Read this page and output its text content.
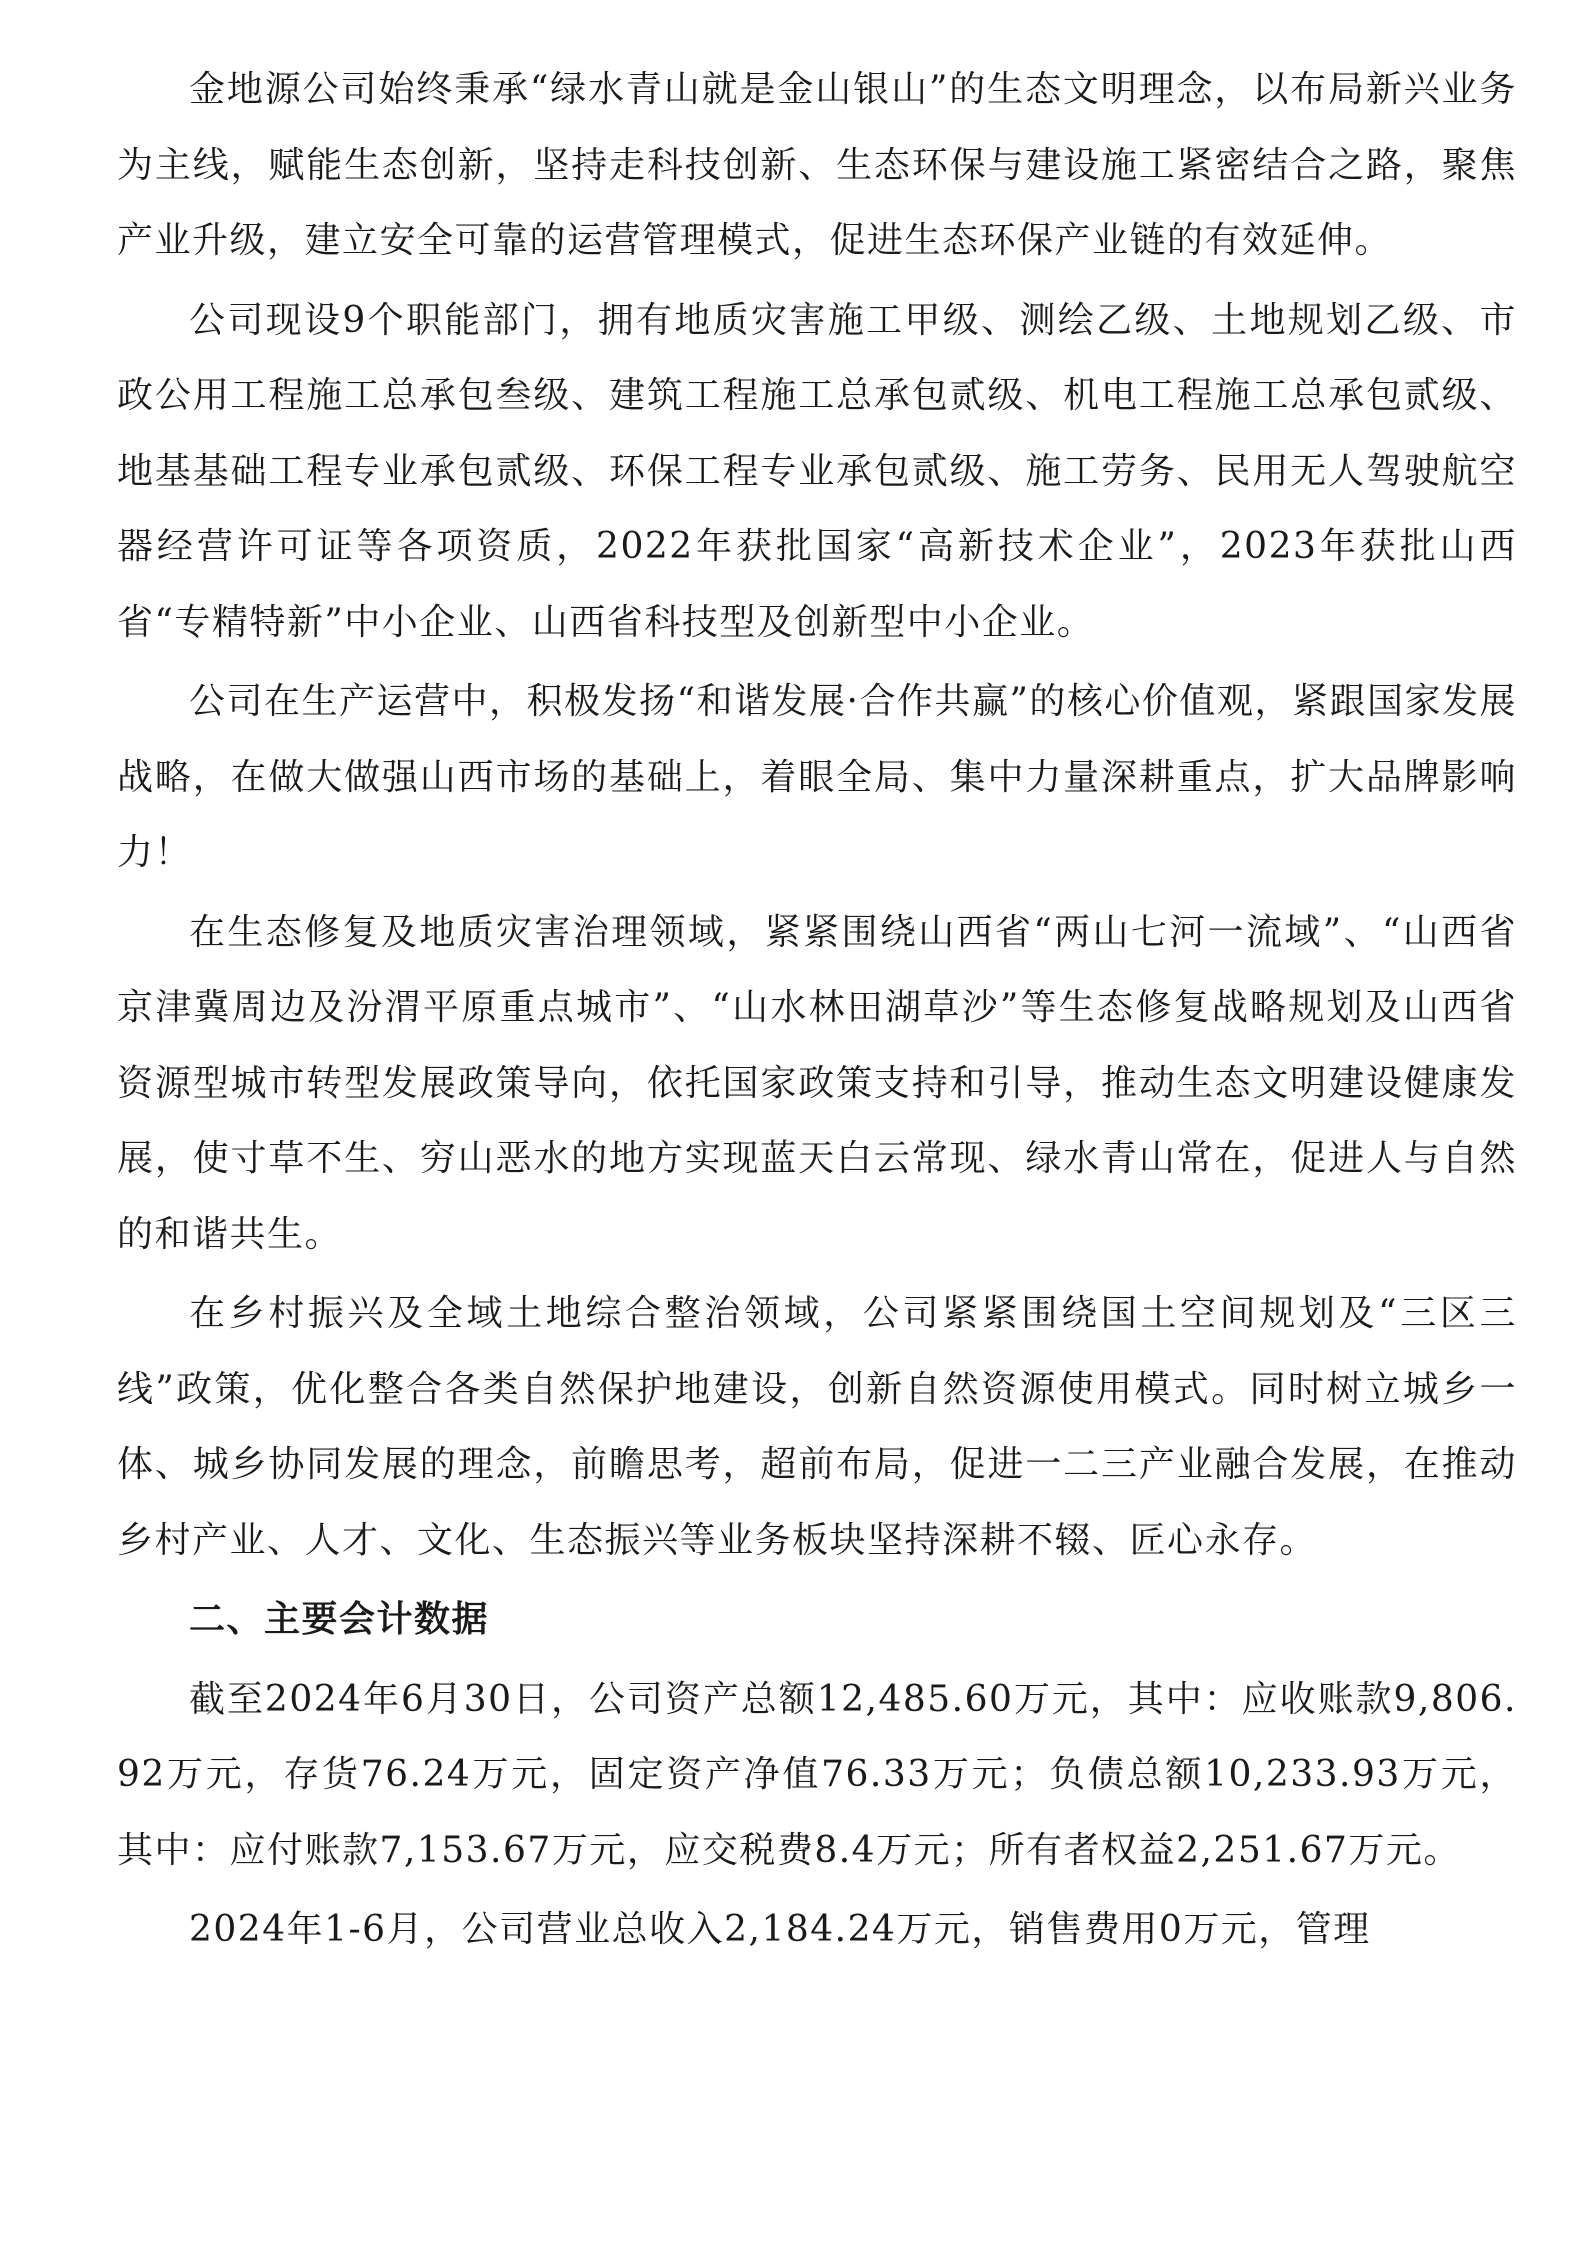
金地源公司始终秉承“绿水青山就是金山银山”的生态文明理念，以布局新兴业务为主线，赋能生态创新，坚持走科技创新、生态环保与建设施工紧密结合之路，聚焦产业升级，建立安全可靠的运营管理模式，促进生态环保产业链的有效延伸。

公司现设9个职能部门，拥有地质灾害施工甲级、测绘乙级、土地规划乙级、市政公用工程施工总承包叁级、建筑工程施工总承包贰级、机电工程施工总承包贰级、地基基础工程专业承包贰级、环保工程专业承包贰级、施工劳务、民用无人驾驶航空器经营许可证等各项资质，2022年获批国家“高新技术企业”，2023年获批山西省“专精特新”中小企业、山西省科技型及创新型中小企业。

公司在生产运营中，积极发扬“和谐发展·合作共赢”的核心价值观，紧跟国家发展战略，在做大做强山西市场的基础上，着眼全局、集中力量深耕重点，扩大品牌影响力！

在生态修复及地质灾害治理领域，紧紧围绕山西省“两山七河一流域”、“山西省京津冀周边及汾渭平原重点城市”、“山水林田湖草沙”等生态修复战略规划及山西省资源型城市转型发展政策导向，依托国家政策支持和引导，推动生态文明建设健康发展，使寸草不生、穷山恶水的地方实现蓝天白云常现、绿水青山常在，促进人与自然的和谐共生。

在乡村振兴及全域土地综合整治领域，公司紧紧围绕国土空间规划及“三区三线”政策，优化整合各类自然保护地建设，创新自然资源使用模式。同时树立城乡一体、城乡协同发展的理念，前瞻思考，超前布局，促进一二三产业融合发展，在推动乡村产业、人才、文化、生态振兴等业务板块坚持深耕不辍、匠心永存。

二、主要会计数据

截至2024年6月30日，公司资产总额12,485.60万元，其中：应收账款9,806.92万元，存货76.24万元，固定资产净值76.33万元；负债总额10,233.93万元，其中：应付账款7,153.67万元，应交税费8.4万元；所有者权益2,251.67万元。

2024年1-6月，公司营业总收入2,184.24万元，销售费用0万元，管理
